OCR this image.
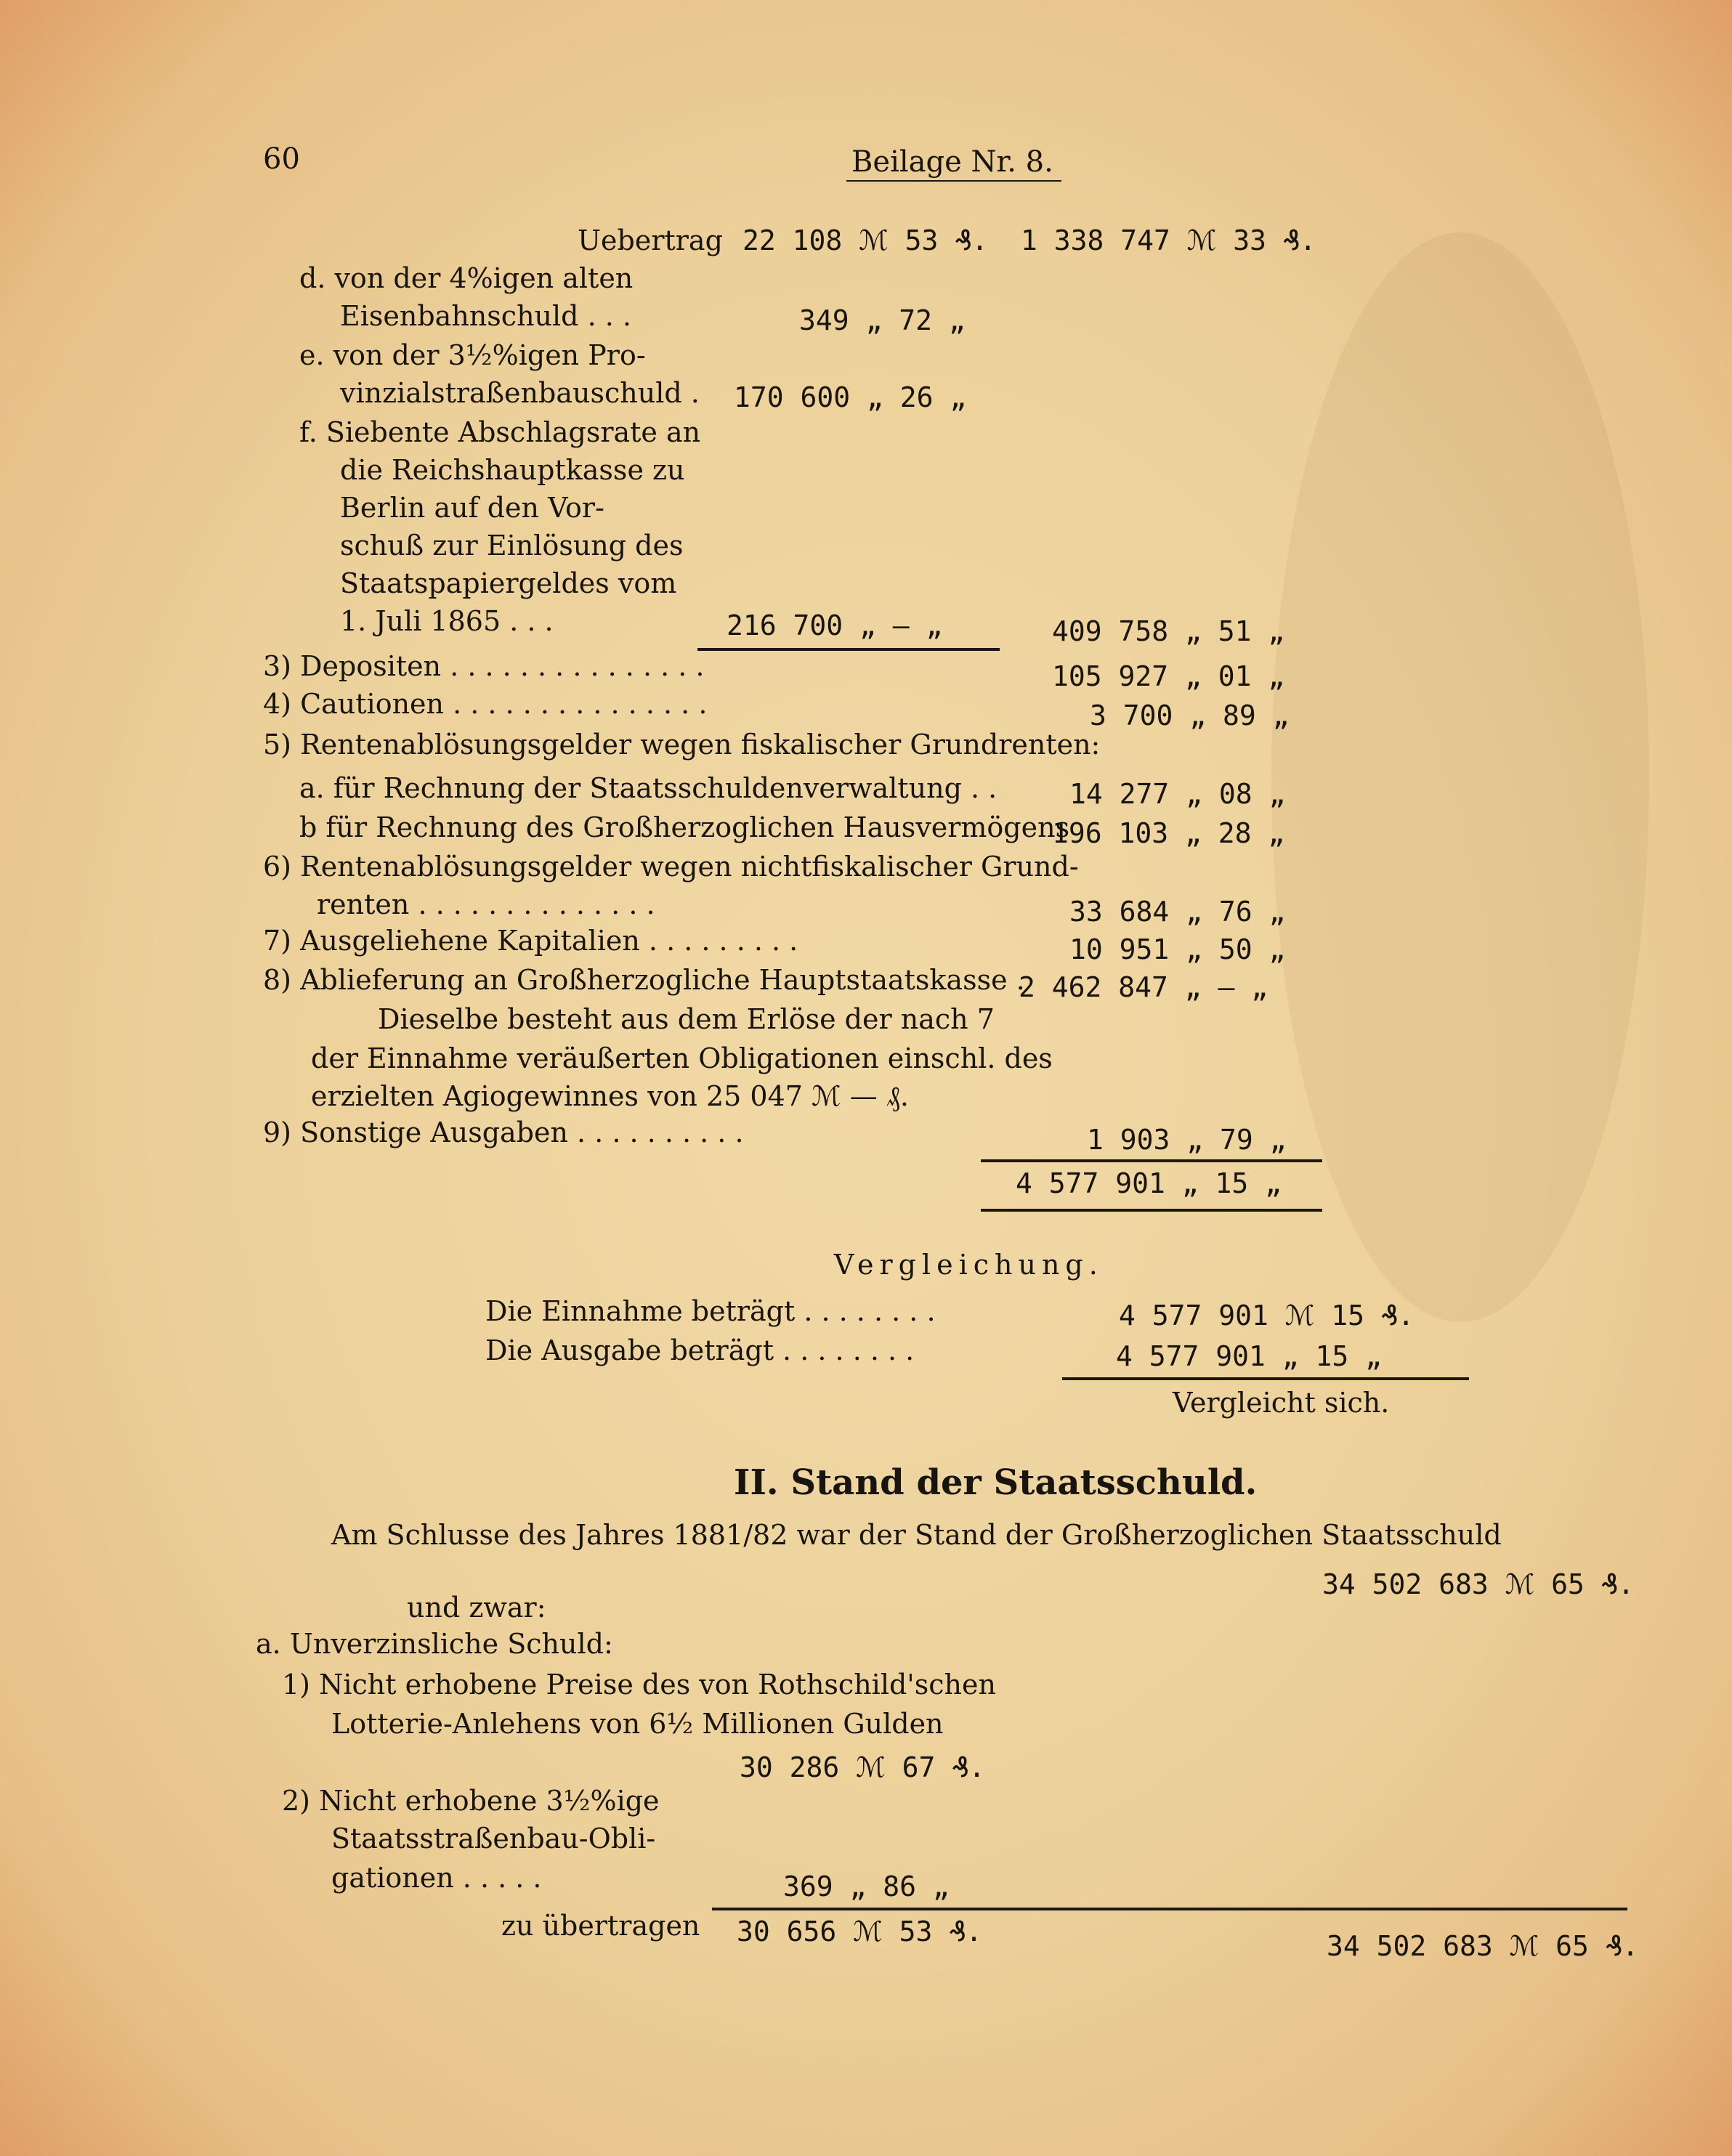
60	Beilage Nr. 8.
Uebertrag 22 108 ℳ 53 ₰. 1 338 747 ℳ 33 ₰.
d. von der 4%igen alten
Eisenbahnschuld . . .	349 „ 72 „
e. von der 3½%igen Pro-
vinzialstraßenbauschuld . 170 600 „ 26 „
f. Siebente Abschlagsrate an
die Reichshauptkasse zu
Berlin auf den Vor-
schuß zur Einlösung des
Staatspapiergeldes vom
1. Juli 1865 . . .	216 700 „ — „	409 758 „ 51 „
3) Depositen . . . . . . . . . . . . . . .	105 927 „ 01 „
4) Cautionen . . . . . . . . . . . . . . .	3 700 „ 89 „
5) Rentenablösungsgelder wegen fiskalischer Grundrenten:
a. für Rechnung der Staatsschuldenverwaltung . .	14 277 „ 08 „
b für Rechnung des Großherzoglichen Hausvermögens
196 103 „ 28 „
6) Rentenablösungsgelder wegen nichtfiskalischer Grund-
renten . . . . . . . . . . . . . .	33 684 „ 76 „
7) Ausgeliehene Kapitalien . . . . . . . . .	10 951 „ 50 „
8) Ablieferung an Großherzogliche Hauptstaatskasse .
2 462 847 „ — „
Dieselbe besteht aus dem Erlöse der nach 7
der Einnahme veräußerten Obligationen einschl. des
erzielten Agiogewinnes von 25 047 ℳ — ₰.
9) Sonstige Ausgaben . . . . . . . . . .	1 903 „ 79 „
4 577 901 „ 15 „
Vergleichung.
Die Einnahme beträgt . . . . . . . .	4 577 901 ℳ 15 ₰.
Die Ausgabe beträgt . . . . . . . .	4 577 901 „ 15 „
Vergleicht sich.
II. Stand der Staatsschuld.
Am Schlusse des Jahres 1881/82 war der Stand der Großherzoglichen Staatsschuld
34 502 683 ℳ 65 ₰.
und zwar:
a. Unverzinsliche Schuld:
1) Nicht erhobene Preise des von Rothschild'schen
Lotterie-Anlehens von 6½ Millionen Gulden
30 286 ℳ 67 ₰.
2) Nicht erhobene 3½%ige
Staatsstraßenbau-Obli-
gationen . . . . .	369 „ 86 „
zu übertragen 30 656 ℳ 53 ₰.	34 502 683 ℳ 65 ₰.
